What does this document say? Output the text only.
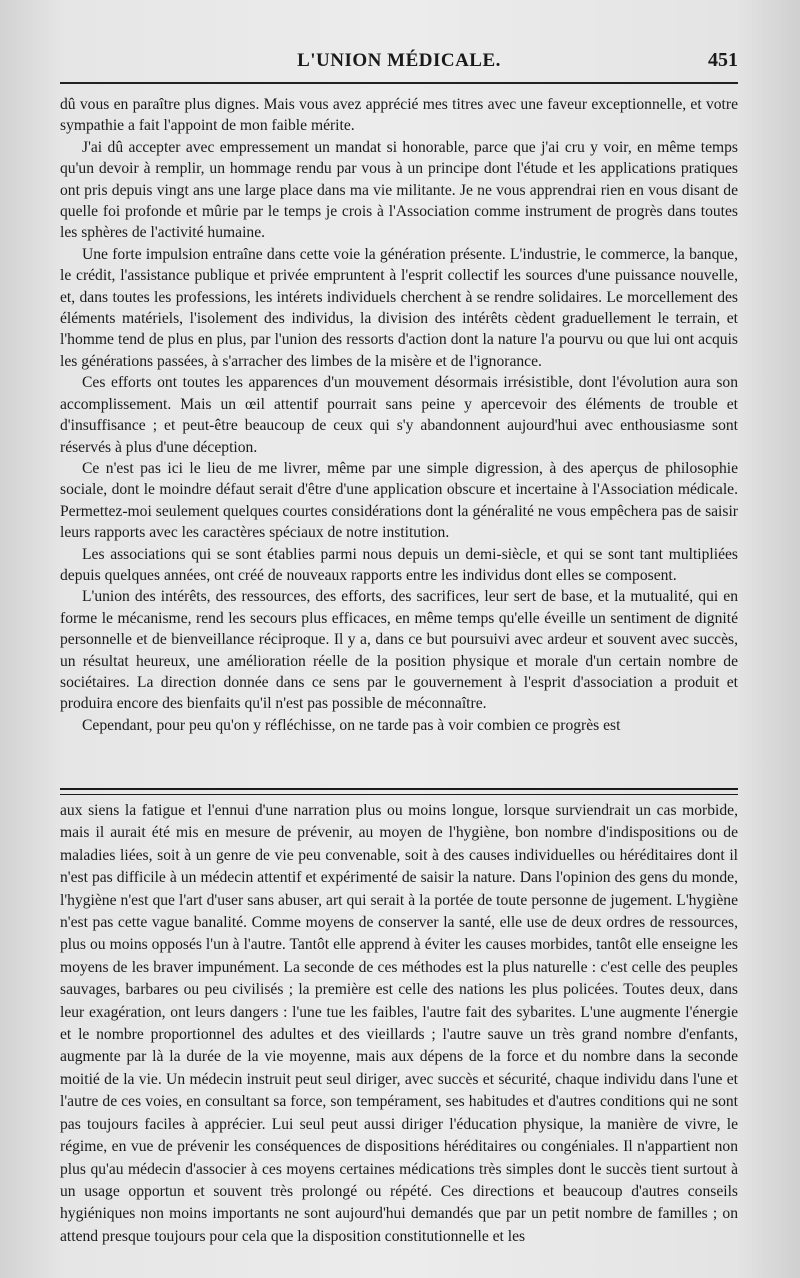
L'UNION MÉDICALE.	451

dû vous en paraître plus dignes. Mais vous avez apprécié mes titres avec une faveur exceptionnelle, et votre sympathie a fait l'appoint de mon faible mérite.

J'ai dû accepter avec empressement un mandat si honorable, parce que j'ai cru y voir, en même temps qu'un devoir à remplir, un hommage rendu par vous à un principe dont l'étude et les applications pratiques ont pris depuis vingt ans une large place dans ma vie militante. Je ne vous apprendrai rien en vous disant de quelle foi profonde et mûrie par le temps je crois à l'Association comme instrument de progrès dans toutes les sphères de l'activité humaine.

Une forte impulsion entraîne dans cette voie la génération présente. L'industrie, le commerce, la banque, le crédit, l'assistance publique et privée empruntent à l'esprit collectif les sources d'une puissance nouvelle, et, dans toutes les professions, les intérets individuels cherchent à se rendre solidaires. Le morcellement des éléments matériels, l'isolement des individus, la division des intérêts cèdent graduellement le terrain, et l'homme tend de plus en plus, par l'union des ressorts d'action dont la nature l'a pourvu ou que lui ont acquis les générations passées, à s'arracher des limbes de la misère et de l'ignorance.

Ces efforts ont toutes les apparences d'un mouvement désormais irrésistible, dont l'évolution aura son accomplissement. Mais un œil attentif pourrait sans peine y apercevoir des éléments de trouble et d'insuffisance ; et peut-être beaucoup de ceux qui s'y abandonnent aujourd'hui avec enthousiasme sont réservés à plus d'une déception.

Ce n'est pas ici le lieu de me livrer, même par une simple digression, à des aperçus de philosophie sociale, dont le moindre défaut serait d'être d'une application obscure et incertaine à l'Association médicale. Permettez-moi seulement quelques courtes considérations dont la généralité ne vous empêchera pas de saisir leurs rapports avec les caractères spéciaux de notre institution.

Les associations qui se sont établies parmi nous depuis un demi-siècle, et qui se sont tant multipliées depuis quelques années, ont créé de nouveaux rapports entre les individus dont elles se composent.

L'union des intérêts, des ressources, des efforts, des sacrifices, leur sert de base, et la mutualité, qui en forme le mécanisme, rend les secours plus efficaces, en même temps qu'elle éveille un sentiment de dignité personnelle et de bienveillance réciproque. Il y a, dans ce but poursuivi avec ardeur et souvent avec succès, un résultat heureux, une amélioration réelle de la position physique et morale d'un certain nombre de sociétaires. La direction donnée dans ce sens par le gouvernement à l'esprit d'association a produit et produira encore des bienfaits qu'il n'est pas possible de méconnaître.

Cependant, pour peu qu'on y réfléchisse, on ne tarde pas à voir combien ce progrès est

aux siens la fatigue et l'ennui d'une narration plus ou moins longue, lorsque surviendrait un cas morbide, mais il aurait été mis en mesure de prévenir, au moyen de l'hygiène, bon nombre d'indispositions ou de maladies liées, soit à un genre de vie peu convenable, soit à des causes individuelles ou héréditaires dont il n'est pas difficile à un médecin attentif et expérimenté de saisir la nature. Dans l'opinion des gens du monde, l'hygiène n'est que l'art d'user sans abuser, art qui serait à la portée de toute personne de jugement. L'hygiène n'est pas cette vague banalité. Comme moyens de conserver la santé, elle use de deux ordres de ressources, plus ou moins opposés l'un à l'autre. Tantôt elle apprend à éviter les causes morbides, tantôt elle enseigne les moyens de les braver impunément. La seconde de ces méthodes est la plus naturelle : c'est celle des peuples sauvages, barbares ou peu civilisés ; la première est celle des nations les plus policées. Toutes deux, dans leur exagération, ont leurs dangers : l'une tue les faibles, l'autre fait des sybarites. L'une augmente l'énergie et le nombre proportionnel des adultes et des vieillards ; l'autre sauve un très grand nombre d'enfants, augmente par là la durée de la vie moyenne, mais aux dépens de la force et du nombre dans la seconde moitié de la vie. Un médecin instruit peut seul diriger, avec succès et sécurité, chaque individu dans l'une et l'autre de ces voies, en consultant sa force, son tempérament, ses habitudes et d'autres conditions qui ne sont pas toujours faciles à apprécier. Lui seul peut aussi diriger l'éducation physique, la manière de vivre, le régime, en vue de prévenir les conséquences de dispositions héréditaires ou congéniales. Il n'appartient non plus qu'au médecin d'associer à ces moyens certaines médications très simples dont le succès tient surtout à un usage opportun et souvent très prolongé ou répété. Ces directions et beaucoup d'autres conseils hygiéniques non moins importants ne sont aujourd'hui demandés que par un petit nombre de familles ; on attend presque toujours pour cela que la disposition constitutionnelle et les
